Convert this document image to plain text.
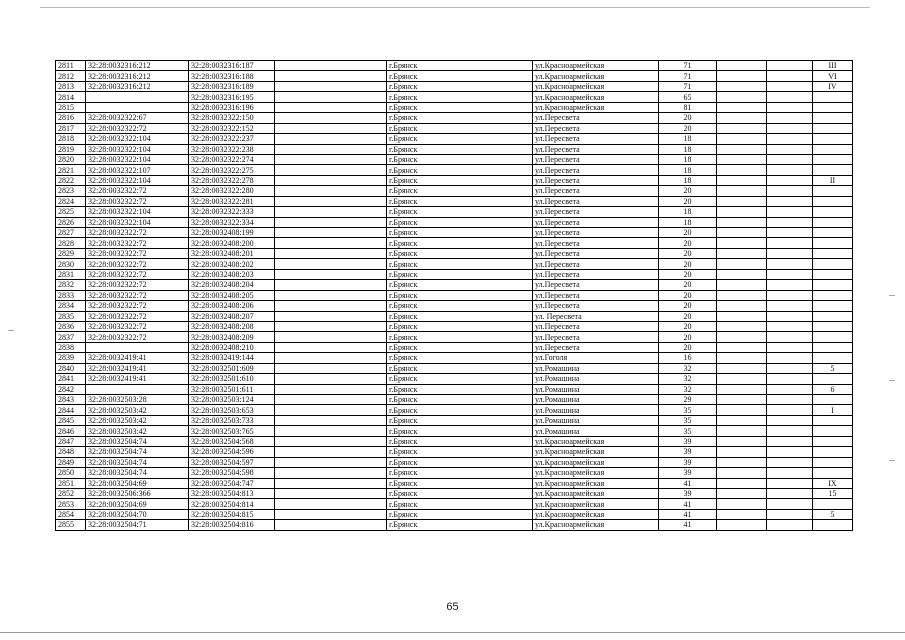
2811	32:28:0032316:212	32:28:0032316:187		г.Брянск	ул.Красноармейская	71			III
2812	32:28:0032316:212	32:28:0032316:188		г.Брянск	ул.Красноармейская	71			VI
2813	32:28:0032316:212	32:28:0032316:189		г.Брянск	ул.Красноармейская	71			IV
2814		32:28:0032316:195		г.Брянск	ул.Красноармейская	65			
2815		32:28:0032316:196		г.Брянск	ул.Красноармейская	81			
2816	32:28:0032322:67	32:28:0032322:150		г.Брянск	ул.Пересвета	20			
2817	32:28:0032322:72	32:28:0032322:152		г.Брянск	ул.Пересвета	20			
2818	32:28:0032322:104	32:28:0032322:237		г.Брянск	ул.Пересвета	18			
2819	32:28:0032322:104	32:28:0032322:238		г.Брянск	ул.Пересвета	18			
2820	32:28:0032322:104	32:28:0032322:274		г.Брянск	ул.Пересвета	18			
2821	32:28:0032322:107	32:28:0032322:275		г.Брянск	ул.Пересвета	18			
2822	32:28:0032322:104	32:28:0032322:278		г.Брянск	ул.Пересвета	18			II
2823	32:28:0032322:72	32:28:0032322:280		г.Брянск	ул.Пересвета	20			
2824	32:28:0032322:72	32:28:0032322:281		г.Брянск	ул.Пересвета	20			
2825	32:28:0032322:104	32:28:0032322:333		г.Брянск	ул.Пересвета	18			
2826	32:28:0032322:104	32:28:0032322:334		г.Брянск	ул.Пересвета	18			
2827	32:28:0032322:72	32:28:0032408:199		г.Брянск	ул.Пересвета	20			
2828	32:28:0032322:72	32:28:0032408:200		г.Брянск	ул.Пересвета	20			
2829	32:28:0032322:72	32:28:0032408:201		г.Брянск	ул.Пересвета	20			
2830	32:28:0032322:72	32:28:0032408:202		г.Брянск	ул.Пересвета	20			
2831	32:28:0032322:72	32:28:0032408:203		г.Брянск	ул.Пересвета	20			
2832	32:28:0032322:72	32:28:0032408:204		г.Брянск	ул.Пересвета	20			
2833	32:28:0032322:72	32:28:0032408:205		г.Брянск	ул.Пересвета	20			
2834	32:28:0032322:72	32:28:0032408:206		г.Брянск	ул.Пересвета	20			
2835	32:28:0032322:72	32:28:0032408:207		г.Брянск	ул. Пересвета	20			
2836	32:28:0032322:72	32:28:0032408:208		г.Брянск	ул.Пересвета	20			
2837	32:28:0032322:72	32:28:0032408:209		г.Брянск	ул.Пересвета	20			
2838		32:28:0032408:210		г.Брянск	ул.Пересвета	20			
2839	32:28:0032419:41	32:28:0032419:144		г.Брянск	ул.Гоголя	16			
2840	32:28:0032419:41	32:28:0032501:609		г.Брянск	ул.Ромашина	32			5
2841	32:28:0032419:41	32:28:0032501:610		г.Брянск	ул.Ромашина	32			
2842		32:28:0032501:611		г.Брянск	ул.Ромашина	32			6
2843	32:28:0032503:28	32:28:0032503:124		г.Брянск	ул.Ромашина	29			
2844	32:28:0032503:42	32:28:0032503:653		г.Брянск	ул.Ромашина	35			I
2845	32:28:0032503:42	32:28:0032503:733		г.Брянск	ул.Ромашина	35			
2846	32:28:0032503:42	32:28:0032503:765		г.Брянск	ул.Ромашина	35			
2847	32:28:0032504:74	32:28:0032504:568		г.Брянск	ул.Красноармейская	39			
2848	32:28:0032504:74	32:28:0032504:596		г.Брянск	ул.Красноармейская	39			
2849	32:28:0032504:74	32:28:0032504:597		г.Брянск	ул.Красноармейская	39			
2850	32:28:0032504:74	32:28:0032504:598		г.Брянск	ул.Красноармейская	39			
2851	32:28:0032504:69	32:28:0032504:747		г.Брянск	ул.Красноармейская	41			IX
2852	32:28:0032506:366	32:28:0032504:813		г.Брянск	ул.Красноармейская	39			15
2853	32:28:0032504:69	32:28:0032504:814		г.Брянск	ул.Красноармейская	41			
2854	32:28:0032504:70	32:28:0032504:815		г.Брянск	ул.Красноармейская	41			5
2855	32:28:0032504:71	32:28:0032504:816		г.Брянск	ул.Красноармейская	41			
65
